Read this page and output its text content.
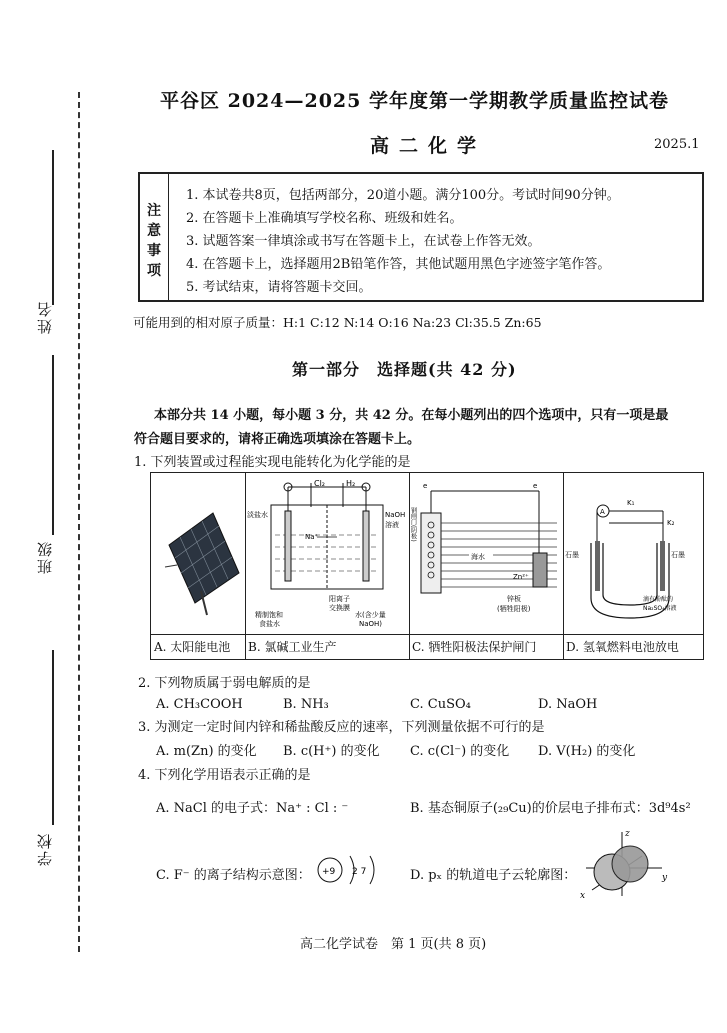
姓名
班级
学校
平谷区 2024—2025 学年度第一学期教学质量监控试卷
高二化学	2025.1
注
意
事
项
1. 本试卷共8页，包括两部分，20道小题。满分100分。考试时间90分钟。
2. 在答题卡上准确填写学校名称、班级和姓名。
3. 试题答案一律填涂或书写在答题卡上，在试卷上作答无效。
4. 在答题卡上，选择题用2B铅笔作答，其他试题用黑色字迹签字笔作答。
5. 考试结束，请将答题卡交回。
可能用到的相对原子质量：H:1 C:12 N:14 O:16 Na:23 Cl:35.5 Zn:65
第一部分　选择题(共 42 分)
本部分共 14 小题，每小题 3 分，共 42 分。在每小题列出的四个选项中，只有一项是最
符合题目要求的，请将正确选项填涂在答题卡上。
1. 下列装置或过程能实现电能转化为化学能的是
A. 太阳能电池
Cl₂	H₂
淡盐水	NaOH
溶液
Na⁺
阳离子
交换膜
精制饱和
食盐水
水(含少量
NaOH)
B. 氯碱工业生产
e	e
海水
Zn²⁺
钢闸门(阴极)
锌板
(牺牲阳极)
C. 牺牲阳极法保护闸门
A
K₁
K₂
石墨	石墨
滴有酚酞的
Na₂SO₄溶液
D. 氢氧燃料电池放电
2. 下列物质属于弱电解质的是
A. CH₃COOH	B. NH₃	C. CuSO₄	D. NaOH
3. 为测定一定时间内锌和稀盐酸反应的速率，下列测量依据不可行的是
A. m(Zn) 的变化 B. c(H⁺) 的变化 C. c(Cl⁻) 的变化 D. V(H₂) 的变化
4. 下列化学用语表示正确的是
A. NaCl 的电子式：Na⁺ : Cl : ⁻	B. 基态铜原子(₂₉Cu)的价层电子排布式：3d⁹4s²
C. F⁻ 的离子结构示意图： +9 2 7	D. pₓ 的轨道电子云轮廓图：
z
y
x
高二化学试卷　第 1 页(共 8 页)
